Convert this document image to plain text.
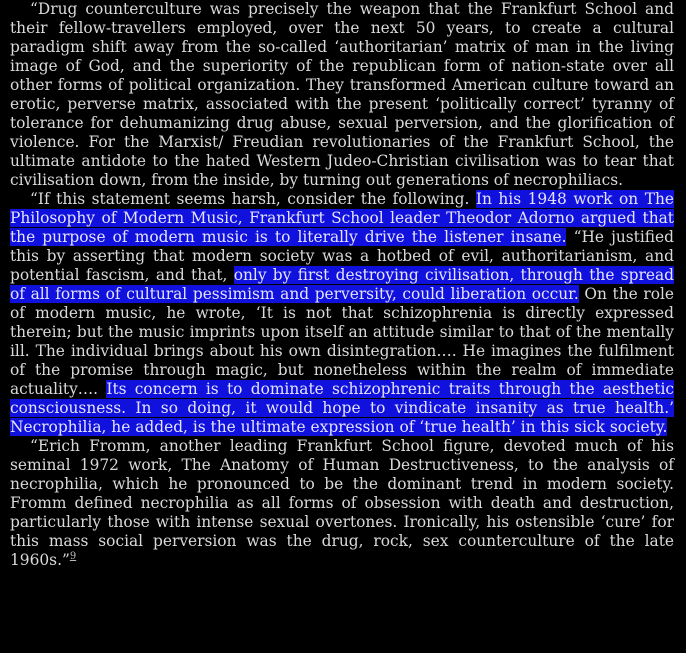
“Drug counterculture was precisely the weapon that the Frankfurt School and their fellow-travellers employed, over the next 50 years, to create a cultural paradigm shift away from the so-called ‘authoritarian’ matrix of man in the living image of God, and the superiority of the republican form of nation-state over all other forms of political organization. They transformed American culture toward an erotic, perverse matrix, associated with the present ‘politically correct’ tyranny of tolerance for dehumanizing drug abuse, sexual perversion, and the glorification of violence. For the Marxist/ Freudian revolutionaries of the Frankfurt School, the ultimate antidote to the hated Western Judeo-Christian civilisation was to tear that civilisation down, from the inside, by turning out generations of necrophiliacs.

“If this statement seems harsh, consider the following. In his 1948 work on The Philosophy of Modern Music, Frankfurt School leader Theodor Adorno argued that the purpose of modern music is to literally drive the listener insane. “He justified this by asserting that modern society was a hotbed of evil, authoritarianism, and potential fascism, and that, only by first destroying civilisation, through the spread of all forms of cultural pessimism and perversity, could liberation occur. On the role of modern music, he wrote, ‘It is not that schizophrenia is directly expressed therein; but the music imprints upon itself an attitude similar to that of the mentally ill. The individual brings about his own disintegration…. He imagines the fulfilment of the promise through magic, but nonetheless within the realm of immediate actuality…. Its concern is to dominate schizophrenic traits through the aesthetic consciousness. In so doing, it would hope to vindicate insanity as true health.’ Necrophilia, he added, is the ultimate expression of ‘true health’ in this sick society.

“Erich Fromm, another leading Frankfurt School figure, devoted much of his seminal 1972 work, The Anatomy of Human Destructiveness, to the analysis of necrophilia, which he pronounced to be the dominant trend in modern society. Fromm defined necrophilia as all forms of obsession with death and destruction, particularly those with intense sexual overtones. Ironically, his ostensible ‘cure’ for this mass social perversion was the drug, rock, sex counterculture of the late 1960s.”$^9$
